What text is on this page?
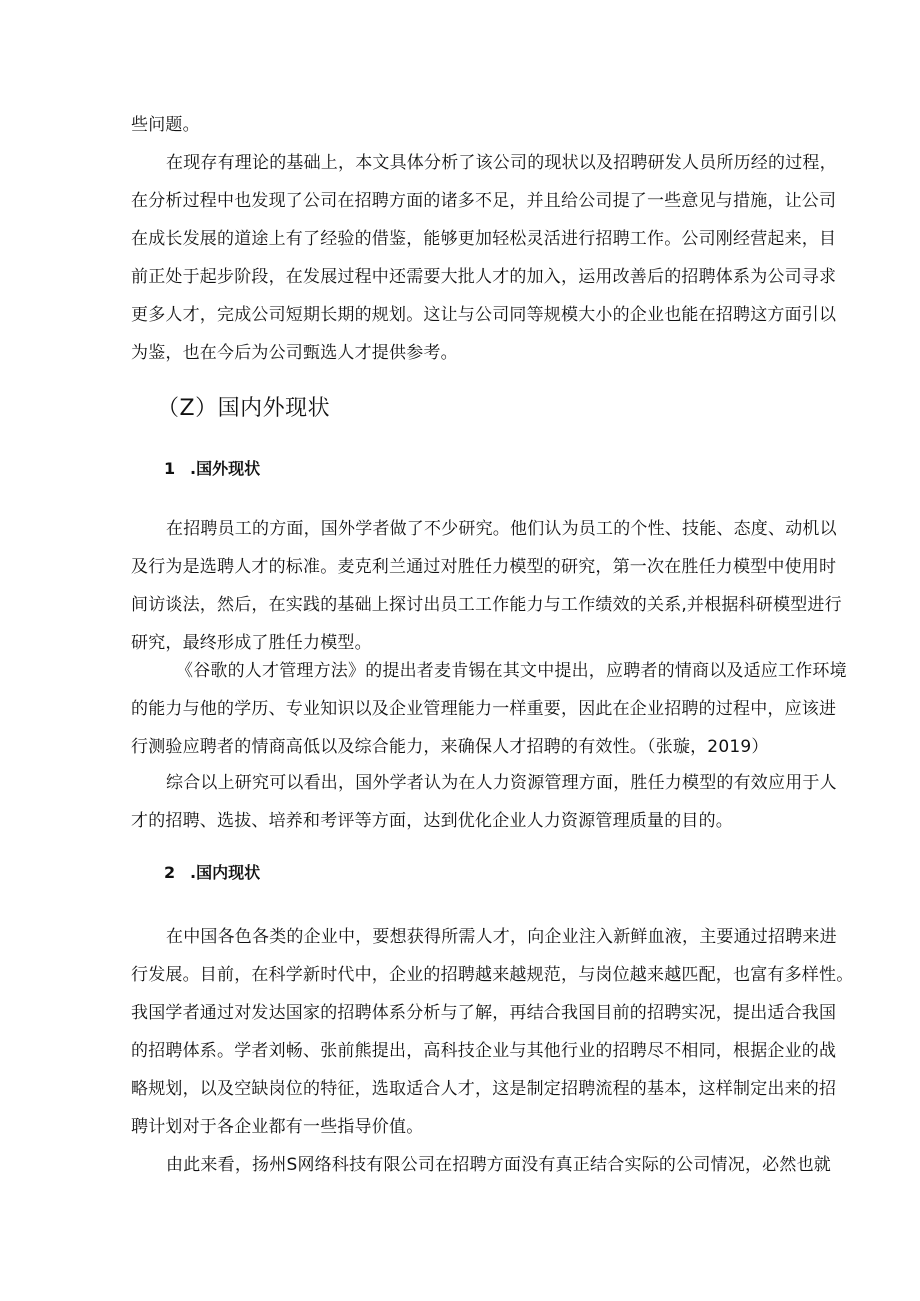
些问题。
在现存有理论的基础上，本文具体分析了该公司的现状以及招聘研发人员所历经的过程，
在分析过程中也发现了公司在招聘方面的诸多不足，并且给公司提了一些意见与措施，让公司
在成长发展的道途上有了经验的借鉴，能够更加轻松灵活进行招聘工作。公司刚经营起来，目
前正处于起步阶段，在发展过程中还需要大批人才的加入，运用改善后的招聘体系为公司寻求
更多人才，完成公司短期长期的规划。这让与公司同等规模大小的企业也能在招聘这方面引以
为鉴，也在今后为公司甄选人才提供参考。
（Z）国内外现状
1 .国外现状
在招聘员工的方面，国外学者做了不少研究。他们认为员工的个性、技能、态度、动机以
及行为是选聘人才的标准。麦克利兰通过对胜任力模型的研究，第一次在胜任力模型中使用时
间访谈法，然后，在实践的基础上探讨出员工工作能力与工作绩效的关系,并根据科研模型进行
研究，最终形成了胜任力模型。
《谷歌的人才管理方法》的提出者麦肯锡在其文中提出，应聘者的情商以及适应工作环境
的能力与他的学历、专业知识以及企业管理能力一样重要，因此在企业招聘的过程中，应该进
行测验应聘者的情商高低以及综合能力，来确保人才招聘的有效性。（张璇，2019）
综合以上研究可以看出，国外学者认为在人力资源管理方面，胜任力模型的有效应用于人
才的招聘、选拔、培养和考评等方面，达到优化企业人力资源管理质量的目的。
2 .国内现状
在中国各色各类的企业中，要想获得所需人才，向企业注入新鲜血液，主要通过招聘来进
行发展。目前，在科学新时代中，企业的招聘越来越规范，与岗位越来越匹配，也富有多样性。
我国学者通过对发达国家的招聘体系分析与了解，再结合我国目前的招聘实况，提出适合我国
的招聘体系。学者刘畅、张前熊提出，高科技企业与其他行业的招聘尽不相同，根据企业的战
略规划，以及空缺岗位的特征，选取适合人才，这是制定招聘流程的基本，这样制定出来的招
聘计划对于各企业都有一些指导价值。
由此来看，扬州S网络科技有限公司在招聘方面没有真正结合实际的公司情况，必然也就
